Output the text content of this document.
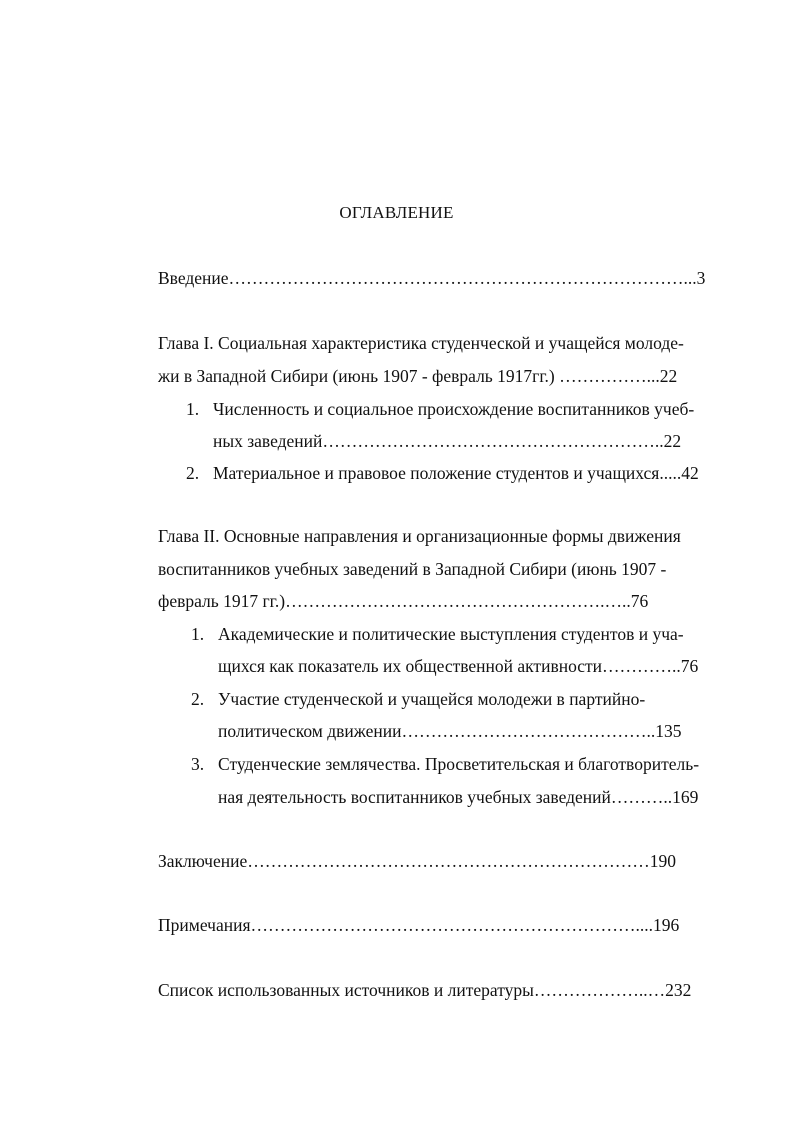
ОГЛАВЛЕНИЕ
Введение……………………………………………………………………...3
Глава I. Социальная характеристика студенческой и учащейся молоде-
жи в Западной Сибири (июнь 1907 - февраль 1917гг.) ……………...22
1. Численность и социальное происхождение воспитанников учеб-
ных заведений…………………………………………………..22
2. Материальное и правовое положение студентов и учащихся.....42
Глава II. Основные направления и организационные формы движения
воспитанников учебных заведений в Западной Сибири (июнь 1907 -
февраль 1917 гг.)……………………………………………….…..76
1. Академические и политические выступления студентов и уча-
щихся как показатель их общественной активности…………..76
2. Участие студенческой и учащейся молодежи в партийно-
политическом движении……………………………………..135
3. Студенческие землячества. Просветительская и благотворитель-
ная деятельность воспитанников учебных заведений………..169
Заключение……………………………………………………………190
Примечания…………………………………………………………....196
Список использованных источников и литературы………………..…232
